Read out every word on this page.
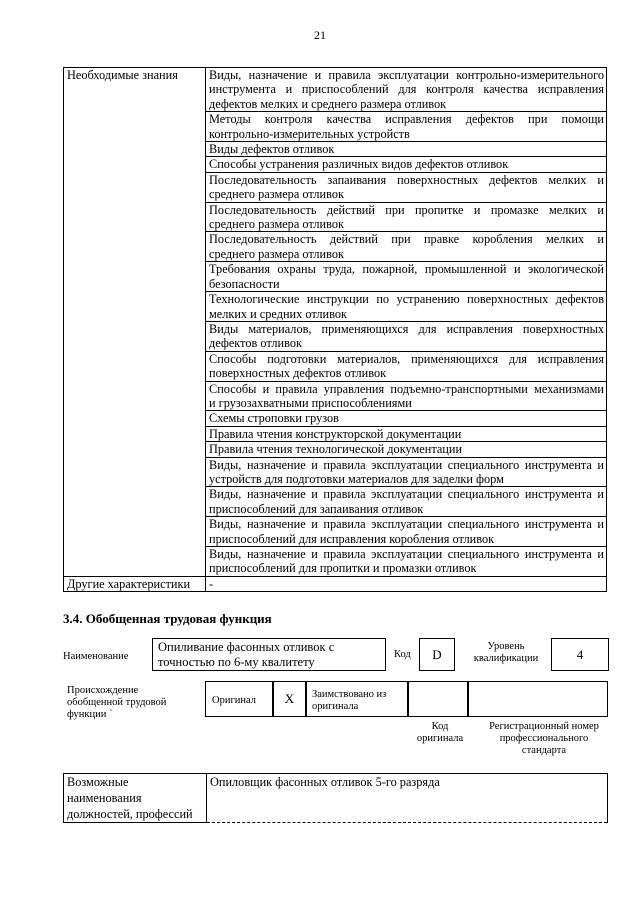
21
Необходимые знания	Виды, назначение и правила эксплуатации контрольно-измерительного
инструмента и приспособлений для контроля качества исправления
дефектов мелких и среднего размера отливок

	Методы контроля качества исправления дефектов при помощи
контрольно-измерительных устройств

	Виды дефектов отливок

	Способы устранения различных видов дефектов отливок

	Последовательность запаивания поверхностных дефектов мелких и
среднего размера отливок

	Последовательность действий при пропитке и промазке мелких и
среднего размера отливок

	Последовательность действий при правке коробления мелких и
среднего размера отливок

	Требования охраны труда, пожарной, промышленной и экологической
безопасности

	Технологические инструкции по устранению поверхностных дефектов
мелких и средних отливок

	Виды материалов, применяющихся для исправления поверхностных
дефектов отливок

	Способы подготовки материалов, применяющихся для исправления
поверхностных дефектов отливок

	Способы и правила управления подъемно-транспортными механизмами
и грузозахватными приспособлениями

	Схемы строповки грузов

	Правила чтения конструкторской документации

	Правила чтения технологической документации

	Виды, назначение и правила эксплуатации специального инструмента и
устройств для подготовки материалов для заделки форм

	Виды, назначение и правила эксплуатации специального инструмента и
приспособлений для запаивания отливок

	Виды, назначение и правила эксплуатации специального инструмента и
приспособлений для исправления коробления отливок

	Виды, назначение и правила эксплуатации специального инструмента и
приспособлений для пропитки и промазки отливок

Другие характеристики	-
3.4. Обобщенная трудовая функция
Наименование
Опиливание фасонных отливок с точностью по 6-му квалитету
Код	D
Уровень квалификации	4
Происхождение обобщенной трудовой функции `
Оригинал	X	Заимствовано из оригинала
Код оригинала
Регистрационный номер профессионального стандарта
Возможные наименования должностей, профессий	Опиловщик фасонных отливок 5-го разряда
